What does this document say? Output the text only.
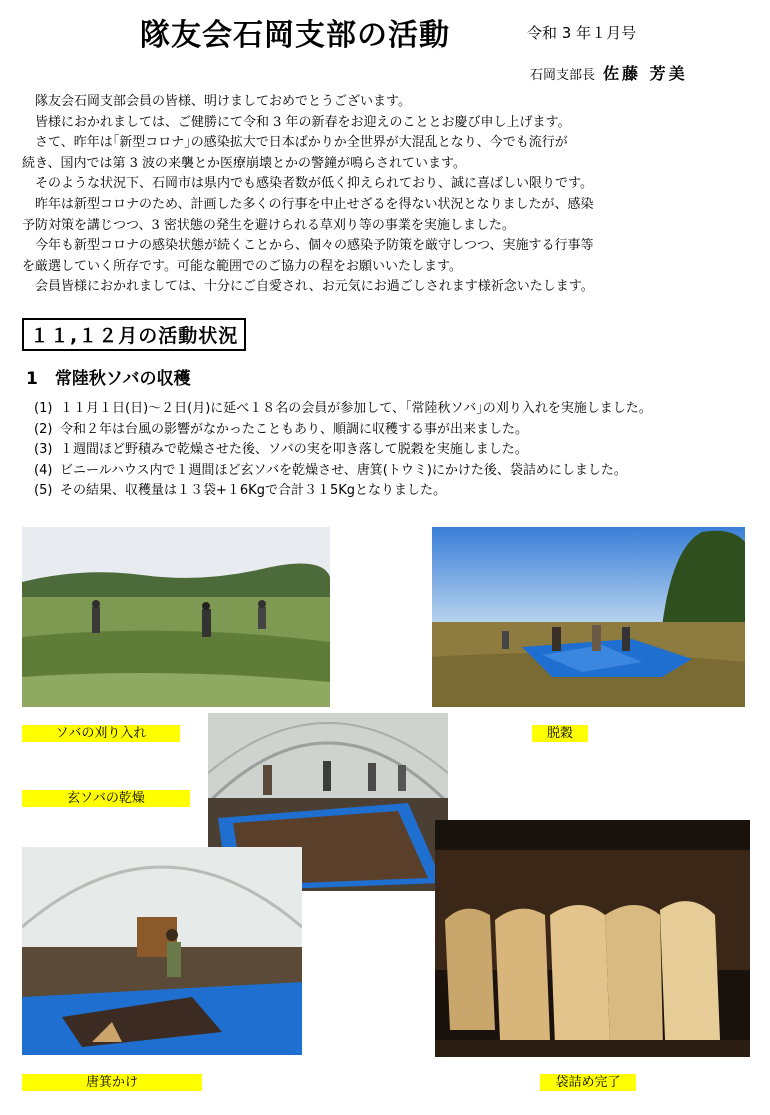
隊友会石岡支部の活動	令和 3 年１月号
石岡支部長 佐藤 芳美

　隊友会石岡支部会員の皆様、明けましておめでとうございます。

　皆様におかれましては、ご健勝にて令和 3 年の新春をお迎えのこととお慶び申し上げます。

　さて、昨年は｢新型コロナ｣の感染拡大で日本ばかりか全世界が大混乱となり、今でも流行が

続き、国内では第 3 波の来襲とか医療崩壊とかの警鐘が鳴らされています。

　そのような状況下、石岡市は県内でも感染者数が低く抑えられており、誠に喜ばしい限りです。

　昨年は新型コロナのため、計画した多くの行事を中止せざるを得ない状況となりましたが、感染

予防対策を講じつつ、3 密状態の発生を避けられる草刈り等の事業を実施しました。

　今年も新型コロナの感染状態が続くことから、個々の感染予防策を厳守しつつ、実施する行事等

を厳選していく所存です。可能な範囲でのご協力の程をお願いいたします。

　会員皆様におかれましては、十分にご自愛され、お元気にお過ごしされます様祈念いたします。

１１,１２月の活動状況
1　常陸秋ソバの収穫
(1) １１月１日(日)～２日(月)に延べ１８名の会員が参加して、｢常陸秋ソバ｣の刈り入れを実施しました。
(2) 令和２年は台風の影響がなかったこともあり、順調に収穫する事が出来ました。
(3) １週間ほど野積みで乾燥させた後、ソバの実を叩き落して脱穀を実施しました。
(4) ビニールハウス内で１週間ほど玄ソバを乾燥させ、唐箕(トウミ)にかけた後、袋詰めにしました。
(5) その結果、収穫量は１３袋+１6Kgで合計３１5Kgとなりました。
ソバの刈り入れ	脱穀
玄ソバの乾燥
唐箕かけ	袋詰め完了
